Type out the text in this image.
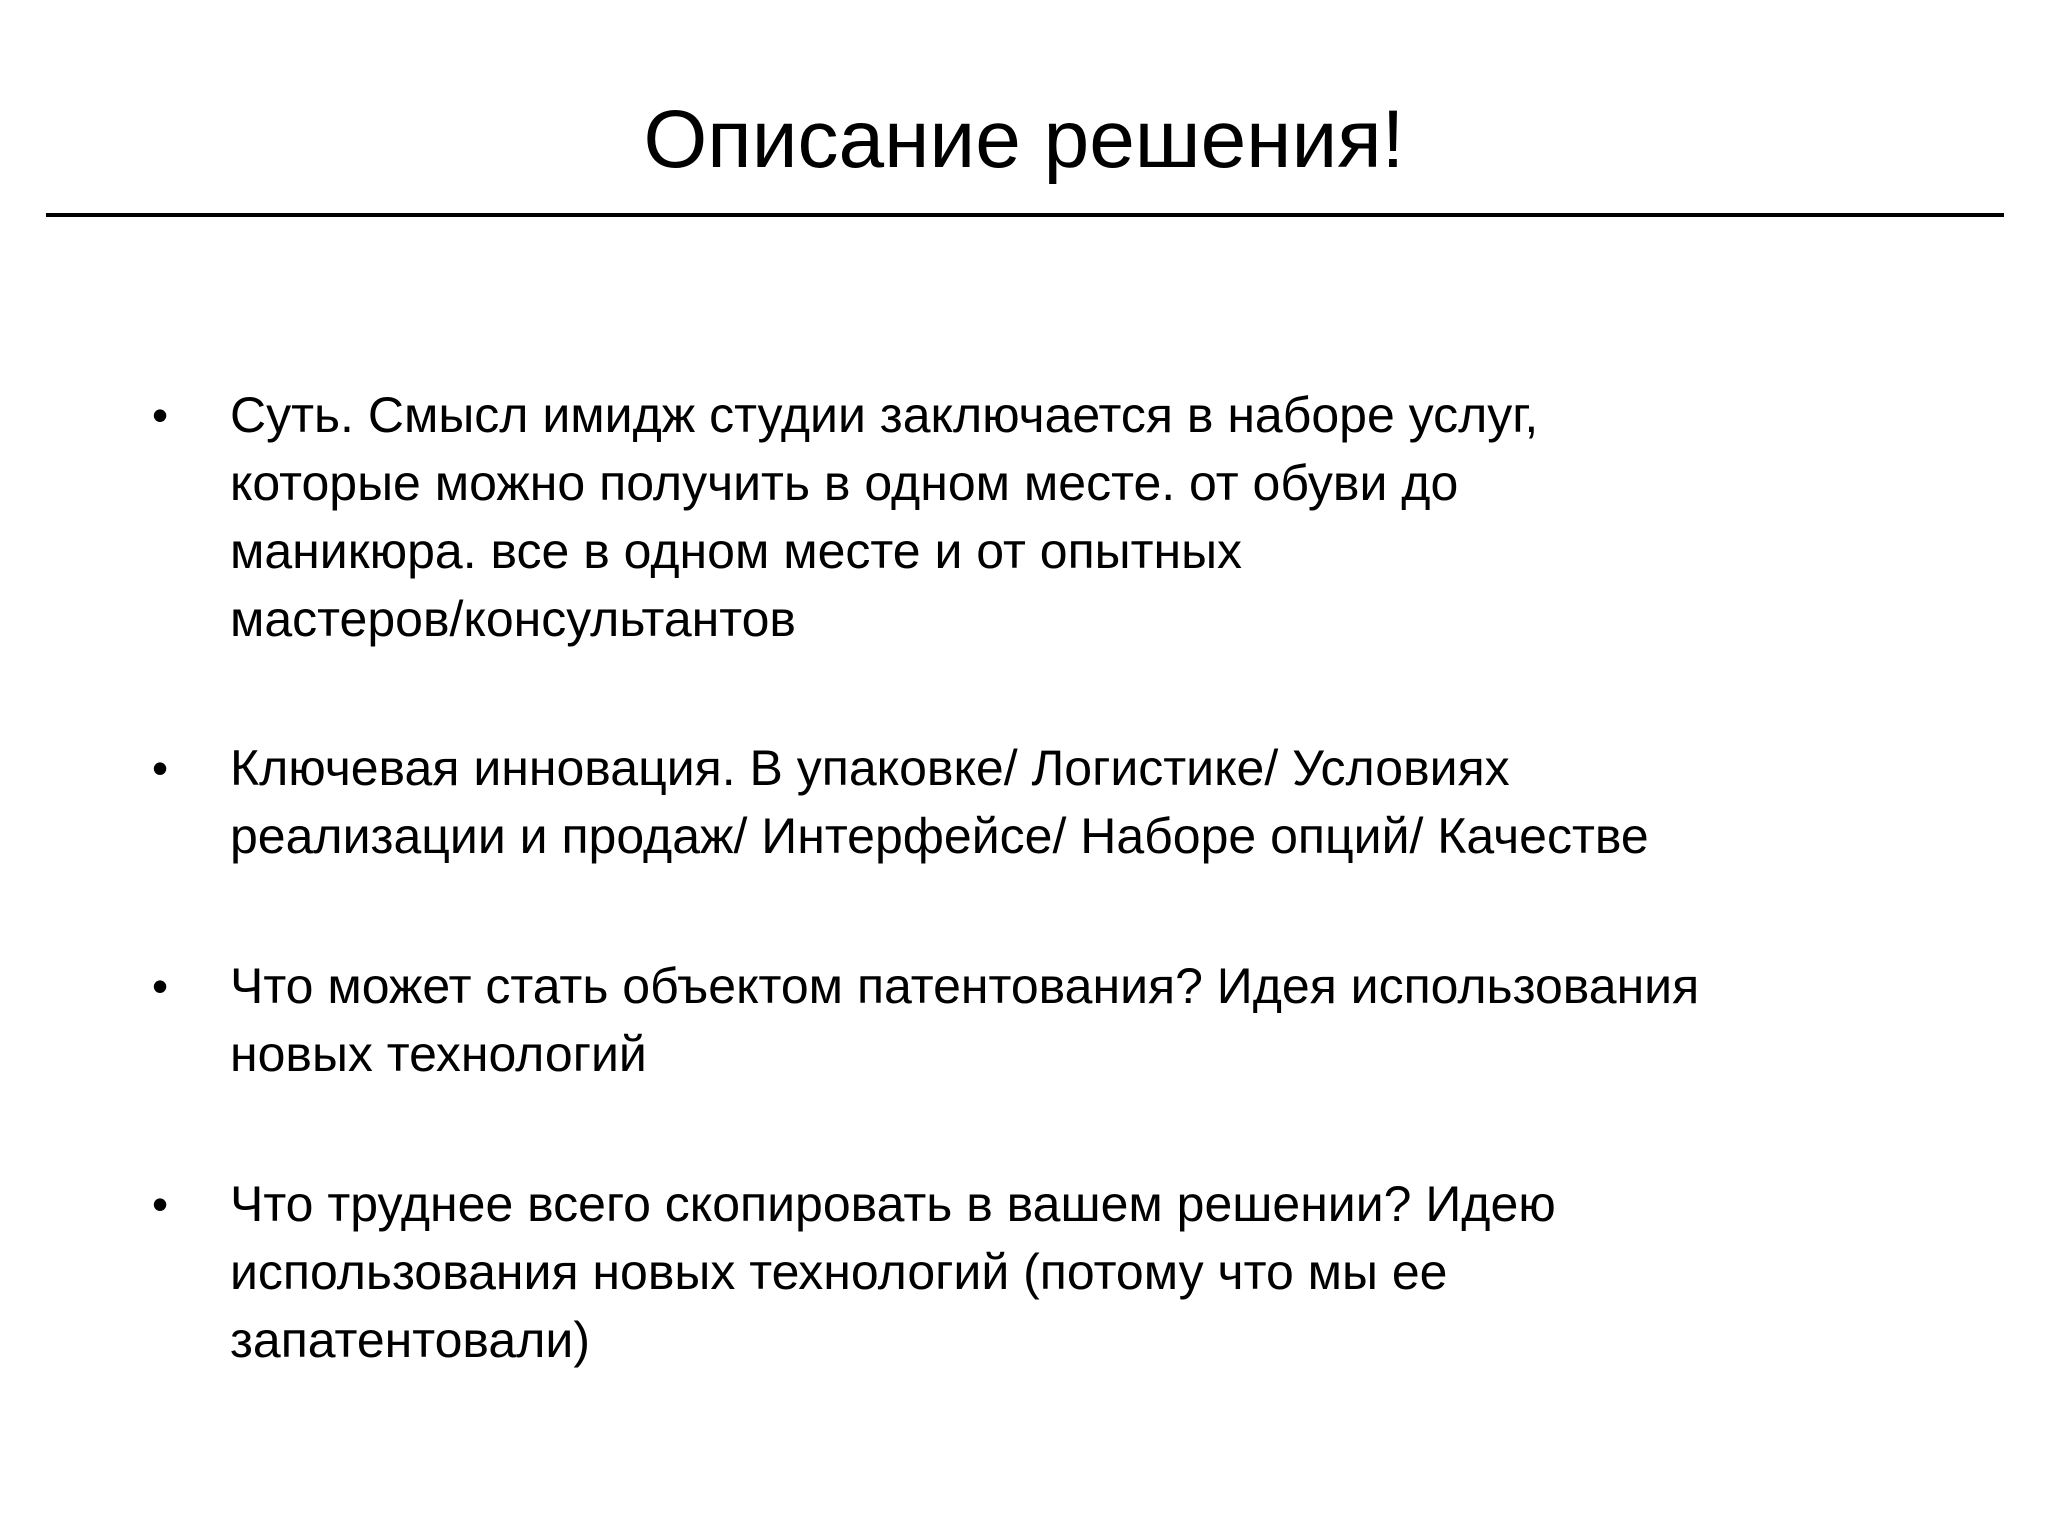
Описание решения!
•	Суть. Смысл имидж студии заключается в наборе услуг,
которые можно получить в одном месте. от обуви до
маникюра. все в одном месте и от опытных
мастеров/консультантов
•	Ключевая инновация. В упаковке/ Логистике/ Условиях
реализации и продаж/ Интерфейсе/ Наборе опций/ Качестве
•	Что может стать объектом патентования? Идея использования
новых технологий
•	Что труднее всего скопировать в вашем решении? Идею
использования новых технологий (потому что мы ее
запатентовали)
